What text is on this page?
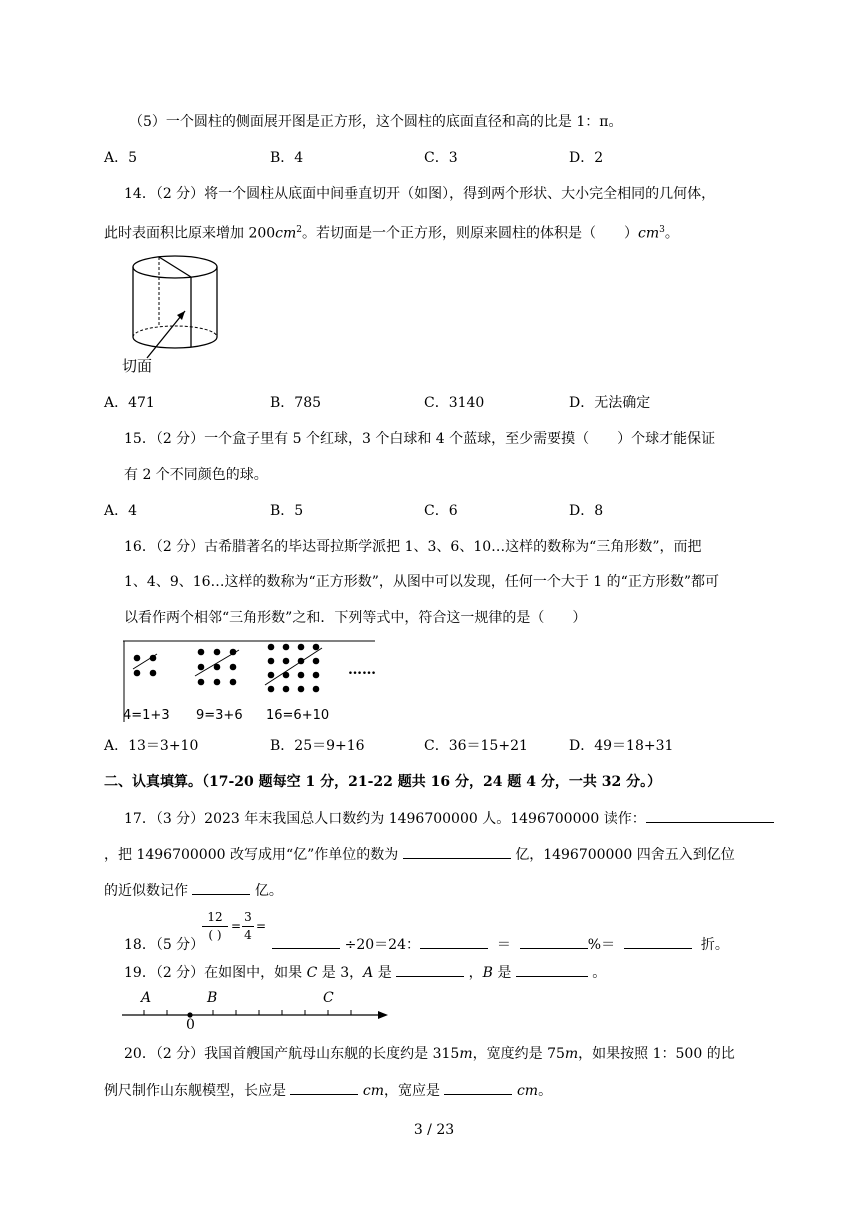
（5）一个圆柱的侧面展开图是正方形，这个圆柱的底面直径和高的比是 1：π。
A．5	B．4	C．3	D．2
14．（2 分）将一个圆柱从底面中间垂直切开（如图），得到两个形状、大小完全相同的几何体，
此时表面积比原来增加 $200cm^2$。若切面是一个正方形，则原来圆柱的体积是（　　）$cm^3$。
切面
A．471	B．785	C．3140	D．无法确定
15．（2 分）一个盒子里有 5 个红球，3 个白球和 4 个蓝球，至少需要摸（　　）个球才能保证
有 2 个不同颜色的球。
A．4	B．5	C．6	D．8
16．（2 分）古希腊著名的毕达哥拉斯学派把 1、3、6、10…这样的数称为“三角形数”，而把
1、4、9、16…这样的数称为“正方形数”，从图中可以发现，任何一个大于 1 的“正方形数”都可
以看作两个相邻“三角形数”之和．下列等式中，符合这一规律的是（　　）
……
4=1+3 9=3+6 16=6+10
A．13＝3+10	B．25＝9+16	C．36＝15+21	D．49＝18+31
二、认真填算。（17-20 题每空 1 分，21-22 题共 16 分，24 题 4 分，一共 32 分。）
17．（3 分）2023 年末我国总人口数约为 1496700000 人。1496700000 读作：
，把 1496700000 改写成用“亿”作单位的数为	亿，1496700000 四舍五入到亿位
的近似数记作	亿。
12
( )
=
3
4
=
18．（5 分）	÷20＝24：	＝	%＝	折。
19．（2 分）在如图中，如果 C 是 3，A 是	，B 是	。
A	B	C
0
20．（2 分）我国首艘国产航母山东舰的长度约是 315m，宽度约是 75m，如果按照 1：500 的比
例尺制作山东舰模型，长应是	cm，宽应是	cm。
3 / 23
